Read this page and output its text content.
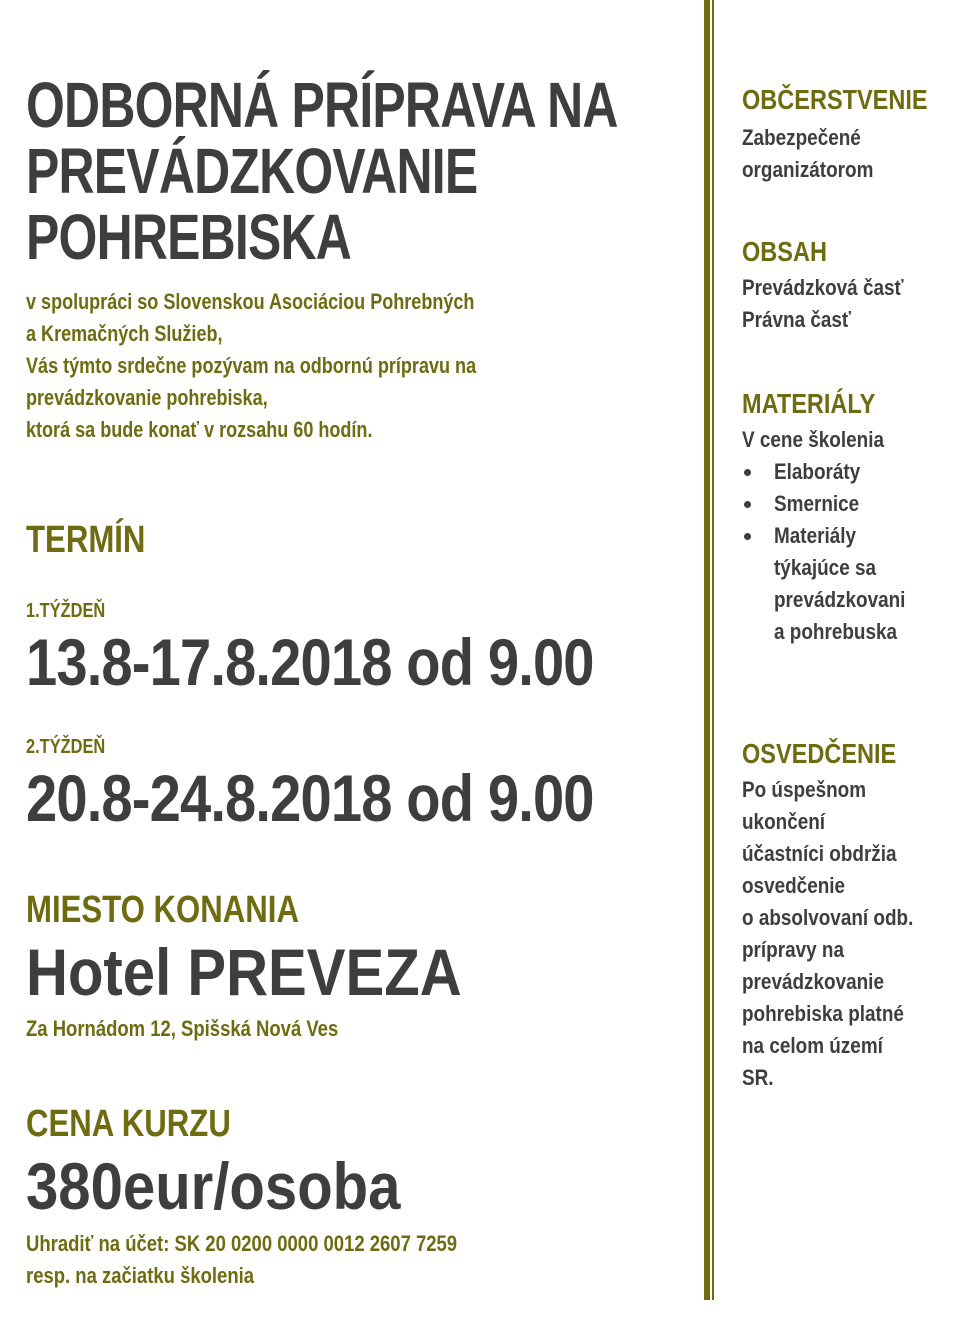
ODBORNÁ PRÍPRAVA NA
PREVÁDZKOVANIE
POHREBISKA
v spolupráci so Slovenskou Asociáciou Pohrebných
a Kremačných Služieb,
Vás týmto srdečne pozývam na odbornú prípravu na
prevádzkovanie pohrebiska,
ktorá sa bude konať v rozsahu 60 hodín.
TERMÍN
1.TÝŽDEŇ
13.8-17.8.2018 od 9.00
2.TÝŽDEŇ
20.8-24.8.2018 od 9.00
MIESTO KONANIA
Hotel PREVEZA
Za Hornádom 12, Spišská Nová Ves
CENA KURZU
380eur/osoba
Uhradiť na účet: SK 20 0200 0000 0012 2607 7259
resp. na začiatku školenia
OBČERSTVENIE
Zabezpečené
organizátorom
OBSAH
Prevádzková časť
Právna časť
MATERIÁLY
V cene školenia
Elaboráty
Smernice
Materiály
týkajúce sa
prevádzkovani
a pohrebuska
OSVEDČENIE
Po úspešnom
ukončení
účastníci obdržia
osvedčenie
o absolvovaní odb.
prípravy na
prevádzkovanie
pohrebiska platné
na celom území
SR.
